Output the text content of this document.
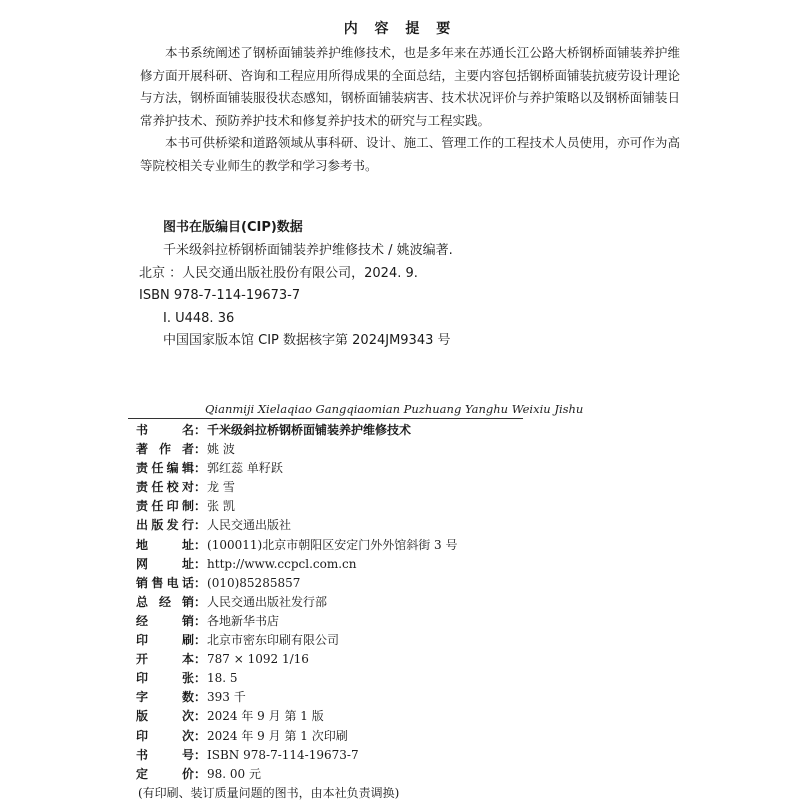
内 容 提 要

本书系统阐述了钢桥面铺装养护维修技术，也是多年来在苏通长江公路大桥钢桥面铺装养护维修方面开展科研、咨询和工程应用所得成果的全面总结，主要内容包括钢桥面铺装抗疲劳设计理论与方法，钢桥面铺装服役状态感知，钢桥面铺装病害、技术状况评价与养护策略以及钢桥面铺装日常养护技术、预防养护技术和修复养护技术的研究与工程实践。

本书可供桥梁和道路领域从事科研、设计、施工、管理工作的工程技术人员使用，亦可作为高等院校相关专业师生的教学和学习参考书。

图书在版编目(CIP)数据
千米级斜拉桥钢桥面铺装养护维修技术 / 姚波编著.
北京 ：人民交通出版社股份有限公司，2024. 9.
ISBN 978-7-114-19673-7
Ⅰ. U448. 36
中国国家版本馆 CIP 数据核字第 2024JM9343 号
Qianmiji Xielaqiao Gangqiaomian Puzhuang Yanghu Weixiu Jishu
书	名 ： 千米级斜拉桥钢桥面铺装养护维修技术
著 作 者 ： 姚 波
责 任 编 辑 ： 郭红蕊 单籽跃
责 任 校 对 ： 龙 雪
责 任 印 制 ： 张 凯
出 版 发 行 ： 人民交通出版社
地	址 ： (100011)北京市朝阳区安定门外外馆斜街 3 号
网	址 ： http://www.ccpcl.com.cn
销 售 电 话 ： (010)85285857
总 经 销 ： 人民交通出版社发行部
经	销 ： 各地新华书店
印	刷 ： 北京市密东印刷有限公司
开	本 ： 787 × 1092 1/16
印	张 ： 18. 5
字	数 ： 393 千
版	次 ： 2024 年 9 月 第 1 版
印	次 ： 2024 年 9 月 第 1 次印刷
书	号 ： ISBN 978-7-114-19673-7
定	价 ： 98. 00 元
(有印刷、装订质量问题的图书，由本社负责调换)
